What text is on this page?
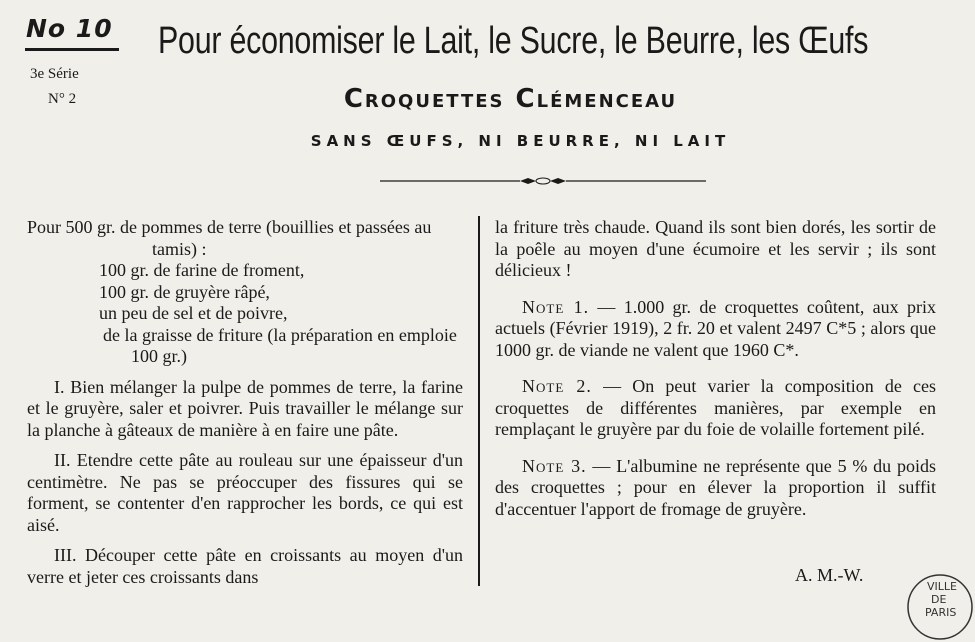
No 10
3e Série
N° 2
Pour économiser le Lait, le Sucre, le Beurre, les Œufs
Croquettes Clémenceau
SANS ŒUFS, NI BEURRE, NI LAIT

Pour 500 gr. de pommes de terre (bouillies et passées au tamis) :

100 gr. de farine de froment,

100 gr. de gruyère râpé,

un peu de sel et de poivre,

de la graisse de friture (la préparation en emploie 100 gr.)

I. Bien mélanger la pulpe de pommes de terre, la farine et le gruyère, saler et poivrer. Puis travailler le mélange sur la planche à gâteaux de manière à en faire une pâte.

II. Etendre cette pâte au rouleau sur une épaisseur d'un centimètre. Ne pas se préoccuper des fissures qui se forment, se contenter d'en rapprocher les bords, ce qui est aisé.

III. Découper cette pâte en croissants au moyen d'un verre et jeter ces croissants dans

la friture très chaude. Quand ils sont bien dorés, les sortir de la poêle au moyen d'une écumoire et les servir ; ils sont délicieux !

Note 1. — 1.000 gr. de croquettes coûtent, aux prix actuels (Février 1919), 2 fr. 20 et valent 2497 C*5 ; alors que 1000 gr. de viande ne valent que 1960 C*.

Note 2. — On peut varier la composition de ces croquettes de différentes manières, par exemple en remplaçant le gruyère par du foie de volaille fortement pilé.

Note 3. — L'albumine ne représente que 5 % du poids des croquettes ; pour en élever la proportion il suffit d'accentuer l'apport de fromage de gruyère.

A. M.-W.
VILLE
DE
PARIS
